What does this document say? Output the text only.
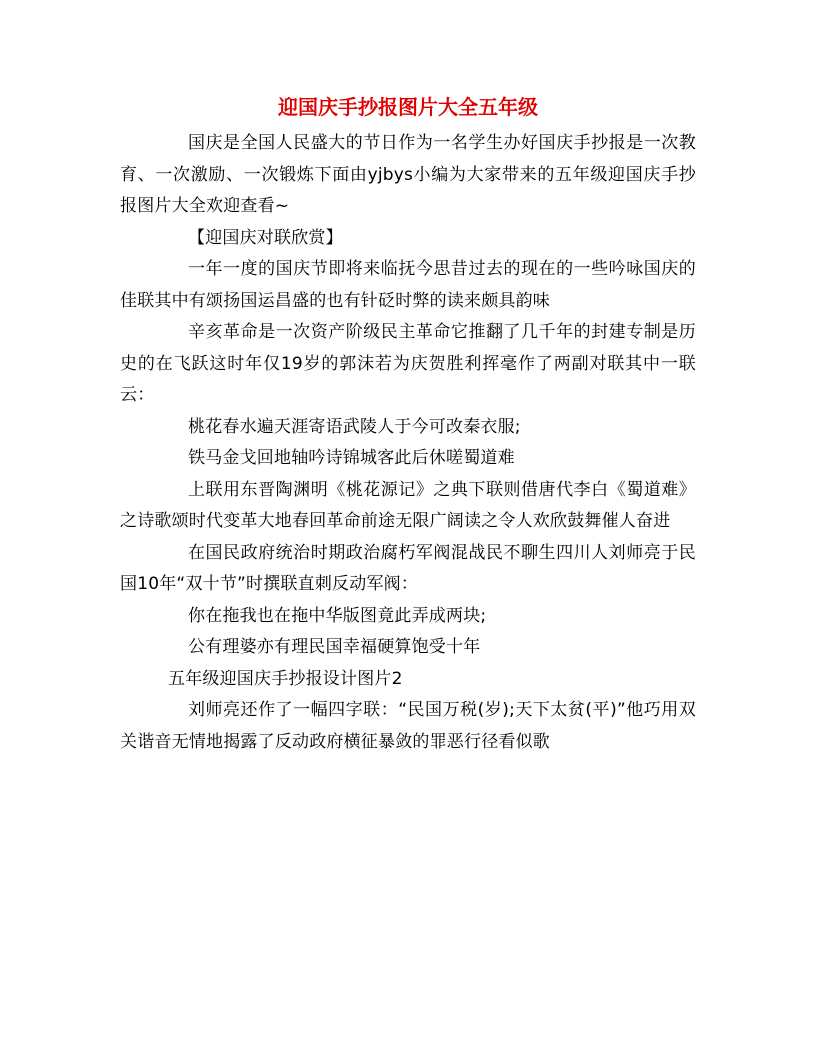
迎国庆手抄报图片大全五年级

国庆是全国人民盛大的节日作为一名学生办好国庆手抄报是一次教育、一次激励、一次锻炼下面由yjbys小编为大家带来的五年级迎国庆手抄报图片大全欢迎查看~

【迎国庆对联欣赏】

一年一度的国庆节即将来临抚今思昔过去的现在的一些吟咏国庆的佳联其中有颂扬国运昌盛的也有针砭时弊的读来颇具韵味

辛亥革命是一次资产阶级民主革命它推翻了几千年的封建专制是历史的在飞跃这时年仅19岁的郭沫若为庆贺胜利挥毫作了两副对联其中一联云：

桃花春水遍天涯寄语武陵人于今可改秦衣服;

铁马金戈回地轴吟诗锦城客此后休嗟蜀道难

上联用东晋陶渊明《桃花源记》之典下联则借唐代李白《蜀道难》之诗歌颂时代变革大地春回革命前途无限广阔读之令人欢欣鼓舞催人奋进

在国民政府统治时期政治腐朽军阀混战民不聊生四川人刘师亮于民国10年“双十节”时撰联直刺反动军阀：

你在拖我也在拖中华版图竟此弄成两块;

公有理婆亦有理民国幸福硬算饱受十年

五年级迎国庆手抄报设计图片2

刘师亮还作了一幅四字联：“民国万税(岁);天下太贫(平)”他巧用双关谐音无情地揭露了反动政府横征暴敛的罪恶行径看似歌
